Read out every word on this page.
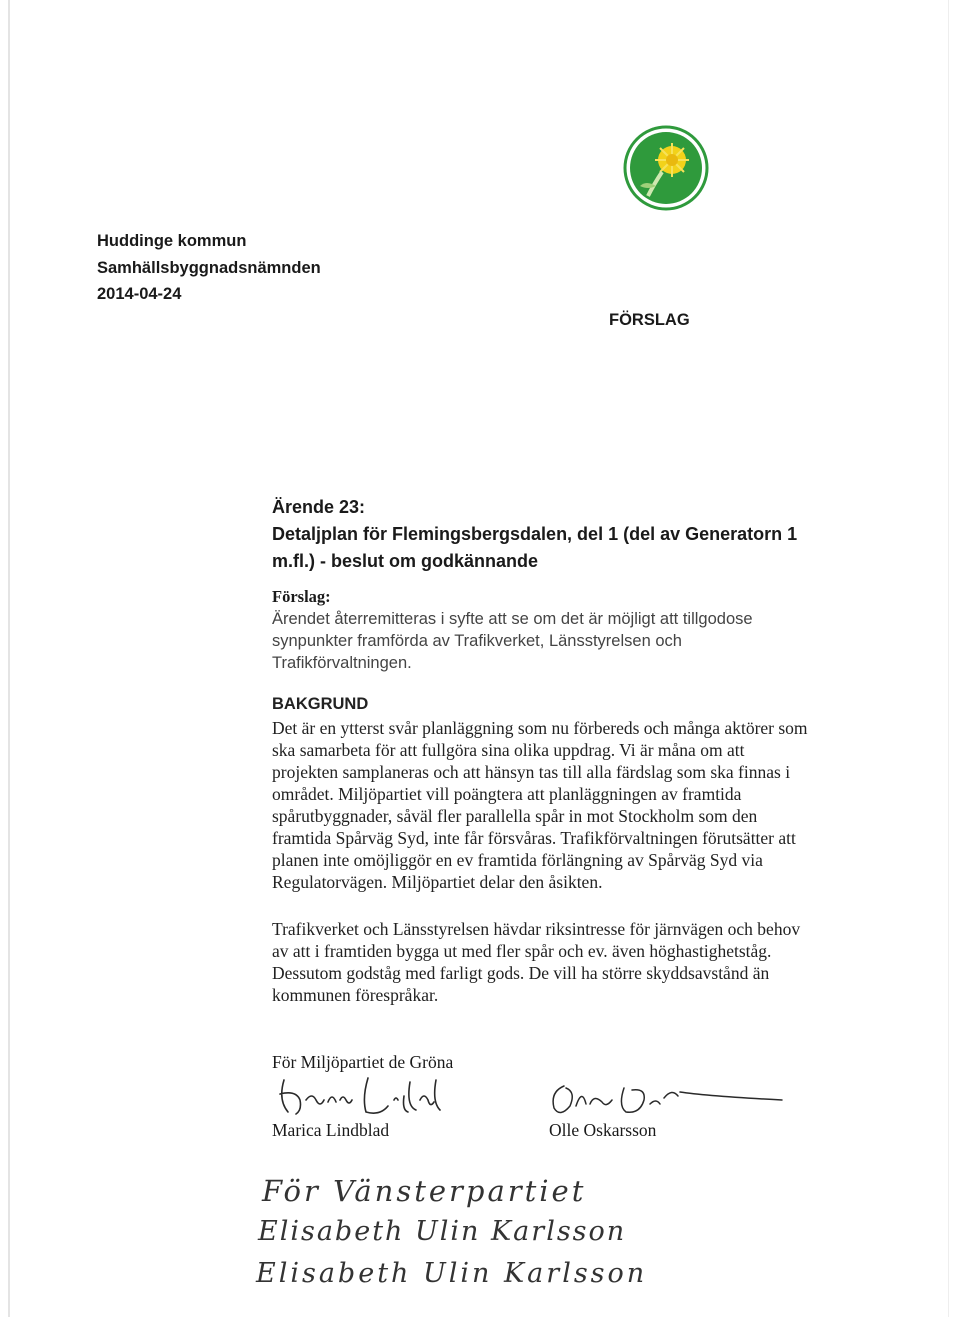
Huddinge kommun
Samhällsbyggnadsnämnden
2014-04-24
FÖRSLAG
Ärende 23:
Detaljplan för Flemingsbergsdalen, del 1 (del av Generatorn 1
m.fl.) - beslut om godkännande
Förslag:
Ärendet återremitteras i syfte att se om det är möjligt att tillgodose
synpunkter framförda av Trafikverket, Länsstyrelsen och
Trafikförvaltningen.
BAKGRUND
Det är en ytterst svår planläggning som nu förbereds och många aktörer som
ska samarbeta för att fullgöra sina olika uppdrag. Vi är måna om att
projekten samplaneras och att hänsyn tas till alla färdslag som ska finnas i
området. Miljöpartiet vill poängtera att planläggningen av framtida
spårutbyggnader, såväl fler parallella spår in mot Stockholm som den
framtida Spårväg Syd, inte får försvåras. Trafikförvaltningen förutsätter att
planen inte omöjliggör en ev framtida förlängning av Spårväg Syd via
Regulatorvägen. Miljöpartiet delar den åsikten.
Trafikverket och Länsstyrelsen hävdar riksintresse för järnvägen och behov
av att i framtiden bygga ut med fler spår och ev. även höghastighetståg.
Dessutom godståg med farligt gods. De vill ha större skyddsavstånd än
kommunen förespråkar.
För Miljöpartiet de Gröna
Marica Lindblad	Olle Oskarsson
För Vänsterpartiet
Elisabeth Ulin Karlsson
Elisabeth Ulin Karlsson
